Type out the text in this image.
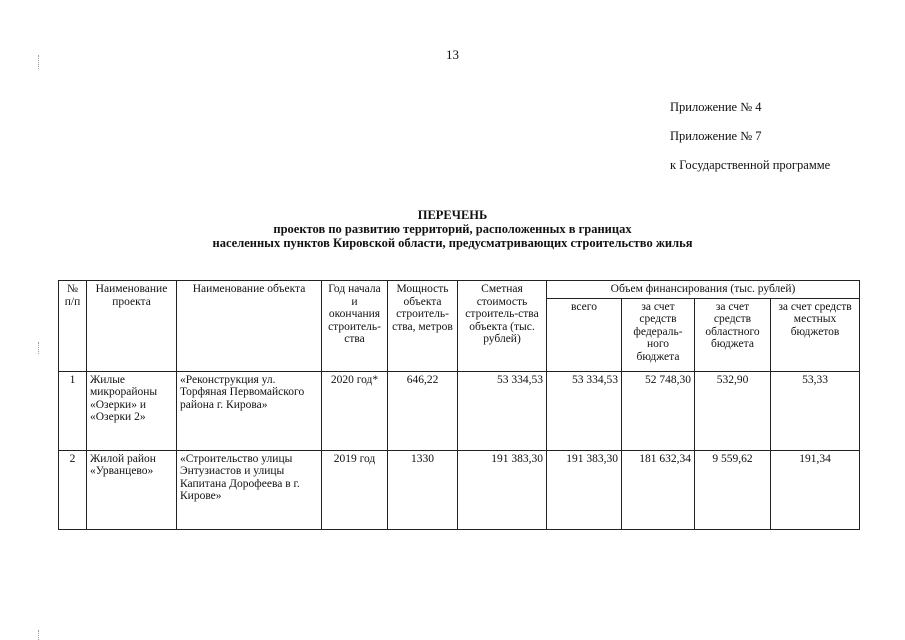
13
Приложение № 4
Приложение № 7
к Государственной программе
ПЕРЕЧЕНЬ
проектов по развитию территорий, расположенных в границах
населенных пунктов Кировской области, предусматривающих строительство жилья
№ п/п	Наименование проекта	Наименование объекта	Год начала и окончания строитель-ства	Мощность объекта строитель-ства, метров	Сметная стоимость строитель-ства объекта (тыс. рублей)	Объем финансирования (тыс. рублей)			
						всего	за счет средств федераль-ного бюджета	за счет средств областного бюджета	за счет средств местных бюджетов
1	Жилые микрорайоны «Озерки» и «Озерки 2»	«Реконструкция ул. Торфяная Первомайского района г. Кирова»	2020 год*	646,22	53 334,53	53 334,53	52 748,30	532,90	53,33
2	Жилой район «Урванцево»	«Строительство улицы Энтузиастов и улицы Капитана Дорофеева в г. Кирове»	2019 год	1330	191 383,30	191 383,30	181 632,34	9 559,62	191,34
